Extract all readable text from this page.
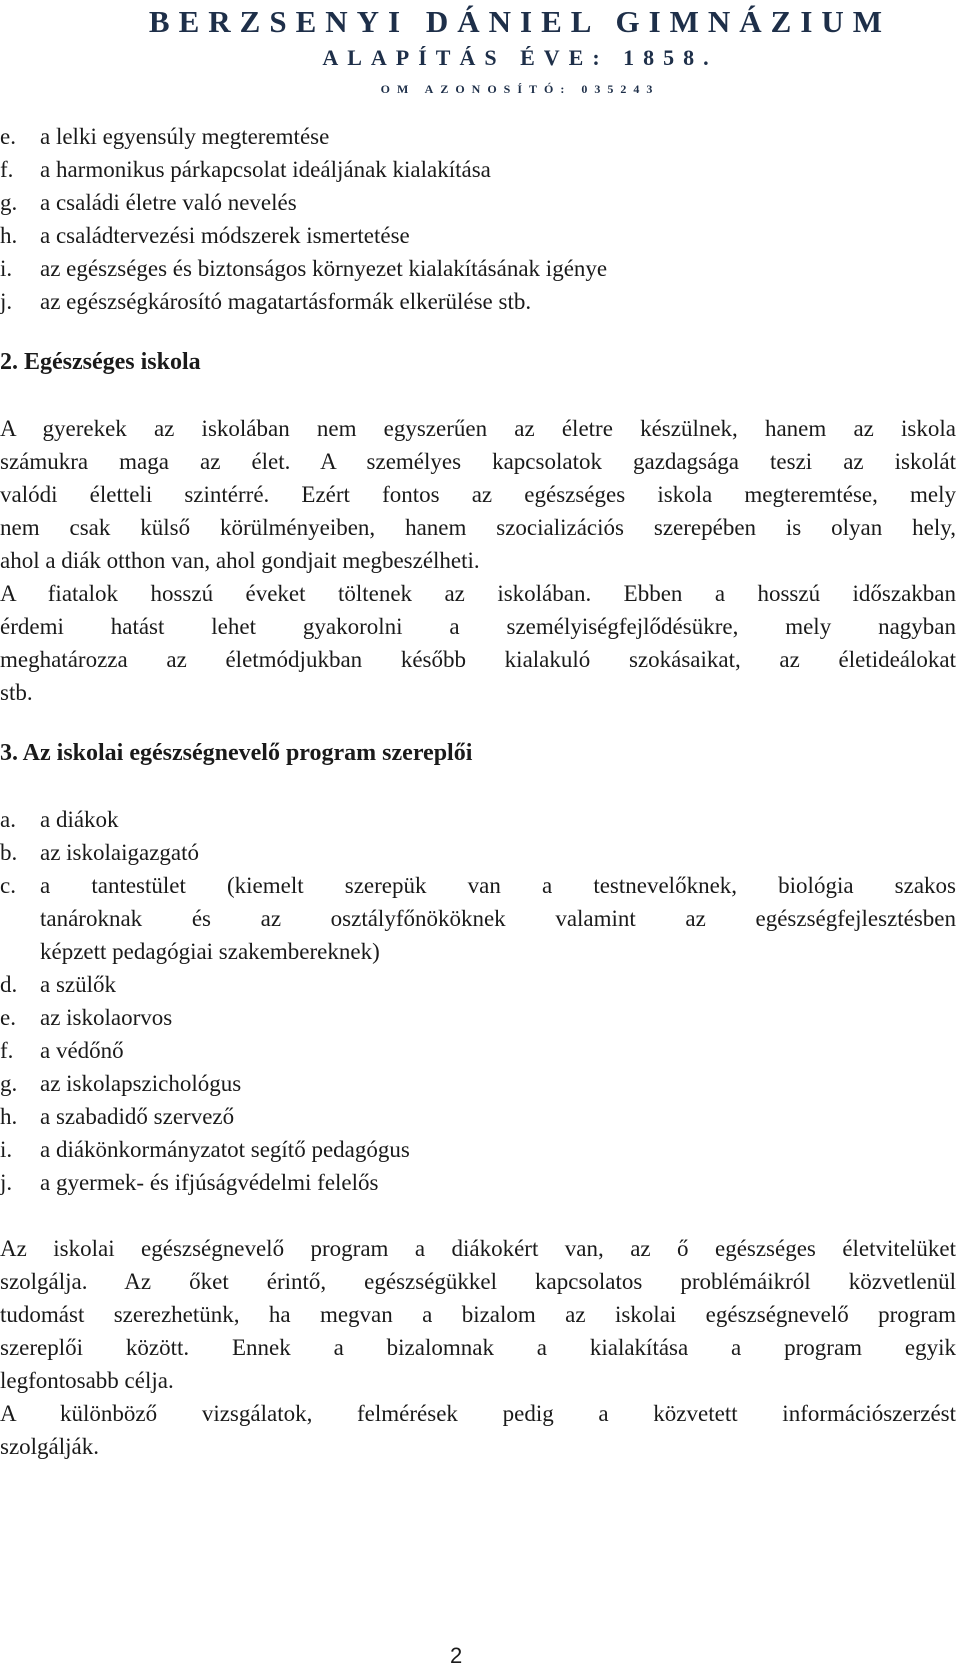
BERZSENYI DÁNIEL GIMNÁZIUM
ALAPÍTÁS ÉVE: 1858.
OM AZONOSÍTÓ: 035243
e. a lelki egyensúly megteremtése
f. a harmonikus párkapcsolat ideáljának kialakítása
g. a családi életre való nevelés
h. a családtervezési módszerek ismertetése
i. az egészséges és biztonságos környezet kialakításának igénye
j. az egészségkárosító magatartásformák elkerülése stb.
2. Egészséges iskola
A gyerekek az iskolában nem egyszerűen az életre készülnek, hanem az iskola
számukra maga az élet. A személyes kapcsolatok gazdagsága teszi az iskolát
valódi életteli szintérré. Ezért fontos az egészséges iskola megteremtése, mely
nem csak külső körülményeiben, hanem szocializációs szerepében is olyan hely,
ahol a diák otthon van, ahol gondjait megbeszélheti.
A fiatalok hosszú éveket töltenek az iskolában. Ebben a hosszú időszakban
érdemi hatást lehet gyakorolni a személyiségfejlődésükre, mely nagyban
meghatározza az életmódjukban később kialakuló szokásaikat, az életideálokat
stb.
3. Az iskolai egészségnevelő program szereplői
a. a diákok
b. az iskolaigazgató
c.	a tantestület (kiemelt szerepük van a testnevelőknek, biológia szakos
tanároknak és az osztályfőnököknek valamint az egészségfejlesztésben
képzett pedagógiai szakembereknek)
d. a szülők
e. az iskolaorvos
f. a védőnő
g. az iskolapszichológus
h. a szabadidő szervező
i. a diákönkormányzatot segítő pedagógus
j. a gyermek- és ifjúságvédelmi felelős
Az iskolai egészségnevelő program a diákokért van, az ő egészséges életvitelüket
szolgálja. Az őket érintő, egészségükkel kapcsolatos problémáikról közvetlenül
tudomást szerezhetünk, ha megvan a bizalom az iskolai egészségnevelő program
szereplői között. Ennek a bizalomnak a kialakítása a program egyik
legfontosabb célja.
A különböző vizsgálatok, felmérések pedig a közvetett információszerzést
szolgálják.
2
